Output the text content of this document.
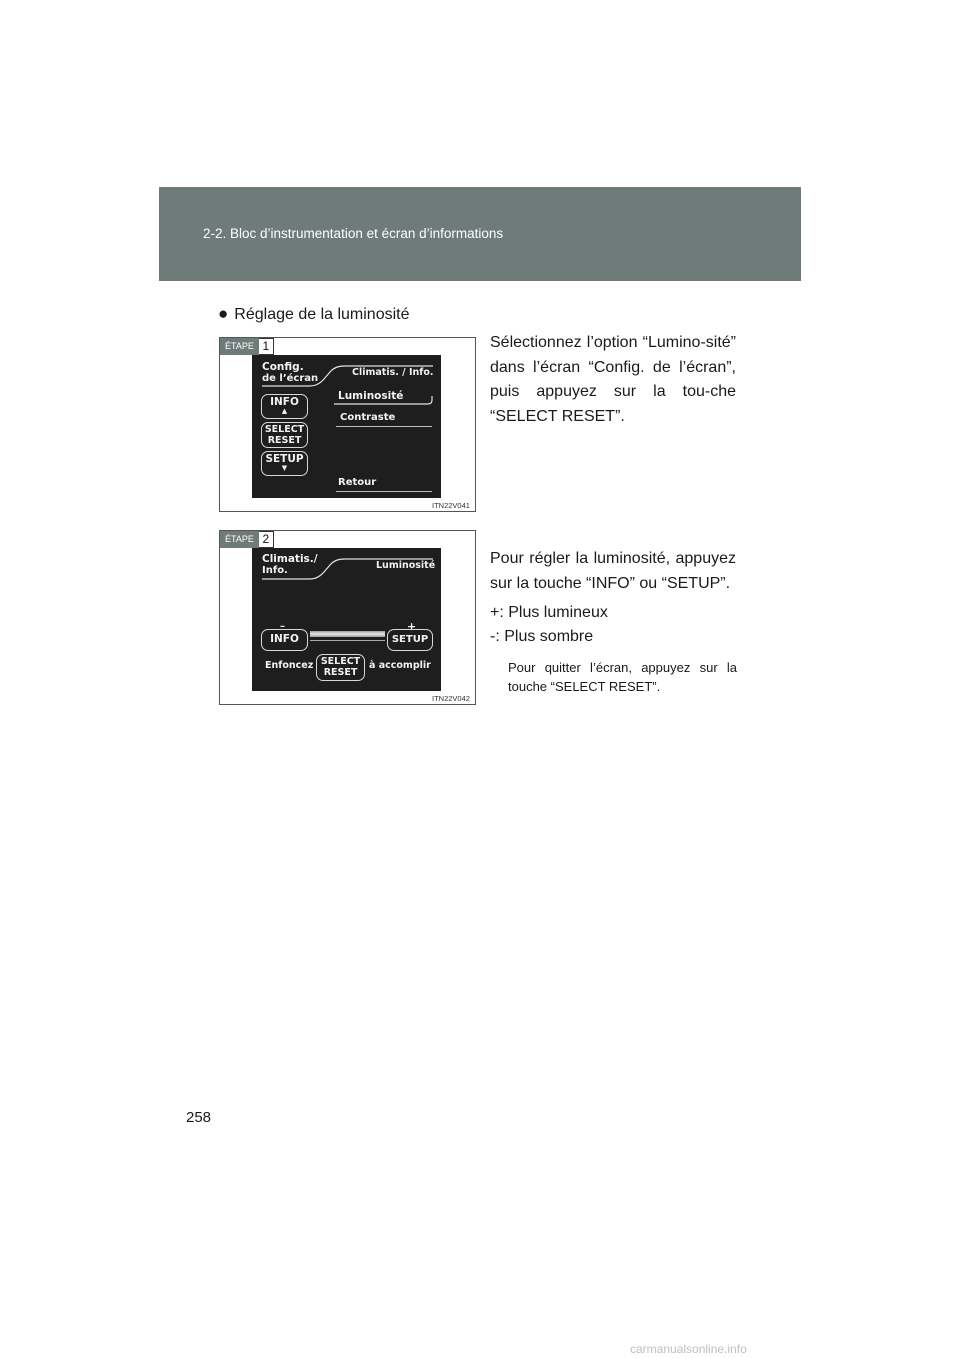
2-2. Bloc d’instrumentation et écran d’informations
● Réglage de la luminosité
ÉTAPE 1
Config.
de l’écran
Climatis. / Info.
Luminosité
Contraste
Retour
INFO
▲
SELECT
RESET
SETUP
▼
ITN22V041
Sélectionnez l’option “Lumino-sité” dans l’écran “Config. de l’écran”, puis appuyez sur la tou-che “SELECT RESET”.
ÉTAPE 2
Climatis./
Info.	Luminosité
–	+
INFO	SETUP
Enfoncez SELECT
RESET
à accomplir
ITN22V042
Pour régler la luminosité, appuyez sur la touche “INFO” ou “SETUP”.
+: Plus lumineux
-: Plus sombre
Pour quitter l’écran, appuyez sur la touche “SELECT RESET”.
258
carmanualsonline.info
